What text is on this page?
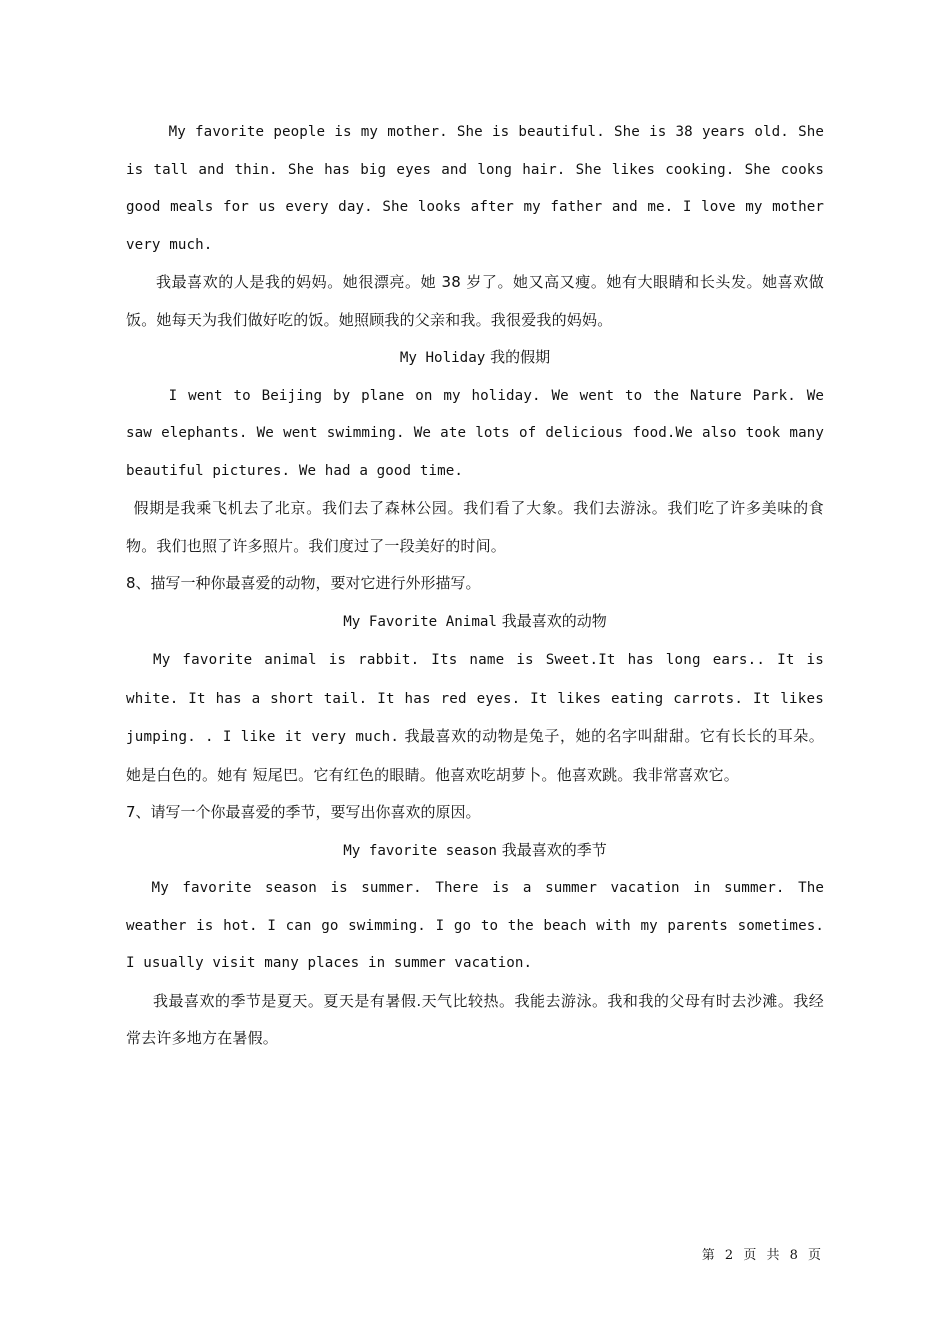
My favorite people is my mother. She is beautiful. She is 38 years old. She is tall and thin. She has big eyes and long hair. She likes cooking. She cooks good meals for us every day. She looks after my father and me. I love my mother very much.

我最喜欢的人是我的妈妈。她很漂亮。她 38 岁了。她又高又瘦。她有大眼睛和长头发。她喜欢做饭。她每天为我们做好吃的饭。她照顾我的父亲和我。我很爱我的妈妈。

My Holiday 我的假期

I went to Beijing by plane on my holiday. We went to the Nature Park. We saw elephants. We went swimming. We ate lots of delicious food.We also took many beautiful pictures. We had a good time.

假期是我乘飞机去了北京。我们去了森林公园。我们看了大象。我们去游泳。我们吃了许多美味的食物。我们也照了许多照片。我们度过了一段美好的时间。

8、描写一种你最喜爱的动物，要对它进行外形描写。

My Favorite Animal 我最喜欢的动物

My favorite animal is rabbit. Its name is Sweet.It has long ears.. It is white. It has a short tail. It has red eyes. It likes eating carrots. It likes jumping. . I like it very much. 我最喜欢的动物是兔子，她的名字叫甜甜。它有长长的耳朵。她是白色的。她有 短尾巴。它有红色的眼睛。他喜欢吃胡萝卜。他喜欢跳。我非常喜欢它。

7、请写一个你最喜爱的季节，要写出你喜欢的原因。

My favorite season 我最喜欢的季节

My favorite season is summer. There is a summer vacation in summer. The weather is hot. I can go swimming. I go to the beach with my parents sometimes. I usually visit many places in summer vacation.

我最喜欢的季节是夏天。夏天是有暑假.天气比较热。我能去游泳。我和我的父母有时去沙滩。我经常去许多地方在暑假。

第 2 页 共 8 页
